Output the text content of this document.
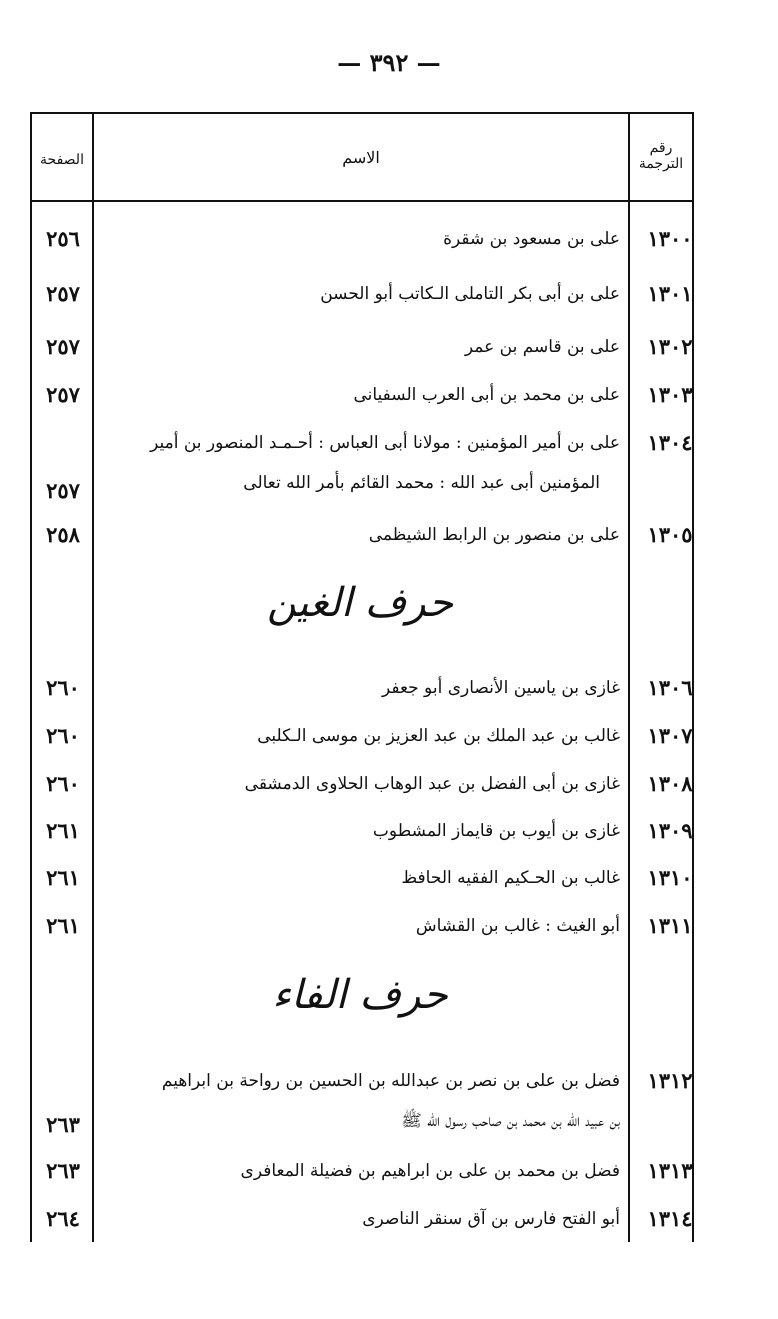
— ٣٩٢ —
الصفحة	الاسم	رقم
الترجمة
١٣٠٠
على بن مسعود بن شقرة
٢٥٦
١٣٠١
على بن أبى بكر التاملى الـكاتب أبو الحسن
٢٥٧
١٣٠٢
على بن قاسم بن عمر
٢٥٧
١٣٠٣
على بن محمد بن أبى العرب السفيانى
٢٥٧
١٣٠٤
على بن أمير المؤمنين : مولانا أبى العباس : أحـمـد المنصور بن أمير
المؤمنين أبى عبد الله : محمد القائم بأمر الله تعالى
٢٥٧
١٣٠٥
على بن منصور بن الرابط الشيظمى
٢٥٨
حرف الغين
١٣٠٦
غازى بن ياسين الأنصارى أبو جعفر
٢٦٠
١٣٠٧
غالب بن عبد الملك بن عبد العزيز بن موسى الـكلبى
٢٦٠
١٣٠٨
غازى بن أبى الفضل بن عبد الوهاب الحلاوى الدمشقى
٢٦٠
١٣٠٩
غازى بن أيوب بن قايماز المشطوب
٢٦١
١٣١٠
غالب بن الحـكيم الفقيه الحافظ
٢٦١
١٣١١
أبو الغيث : غالب بن القشاش
٢٦١
حرف الفاء
١٣١٢
فضل بن على بن نصر بن عبدالله بن الحسين بن رواحة بن ابراهيم
بن عبيد الله بن محمد بن صاحب رسول الله ﷺ
٢٦٣
١٣١٣
فضل بن محمد بن على بن ابراهيم بن فضيلة المعافرى
٢٦٣
١٣١٤
أبو الفتح فارس بن آق سنقر الناصرى
٢٦٤
